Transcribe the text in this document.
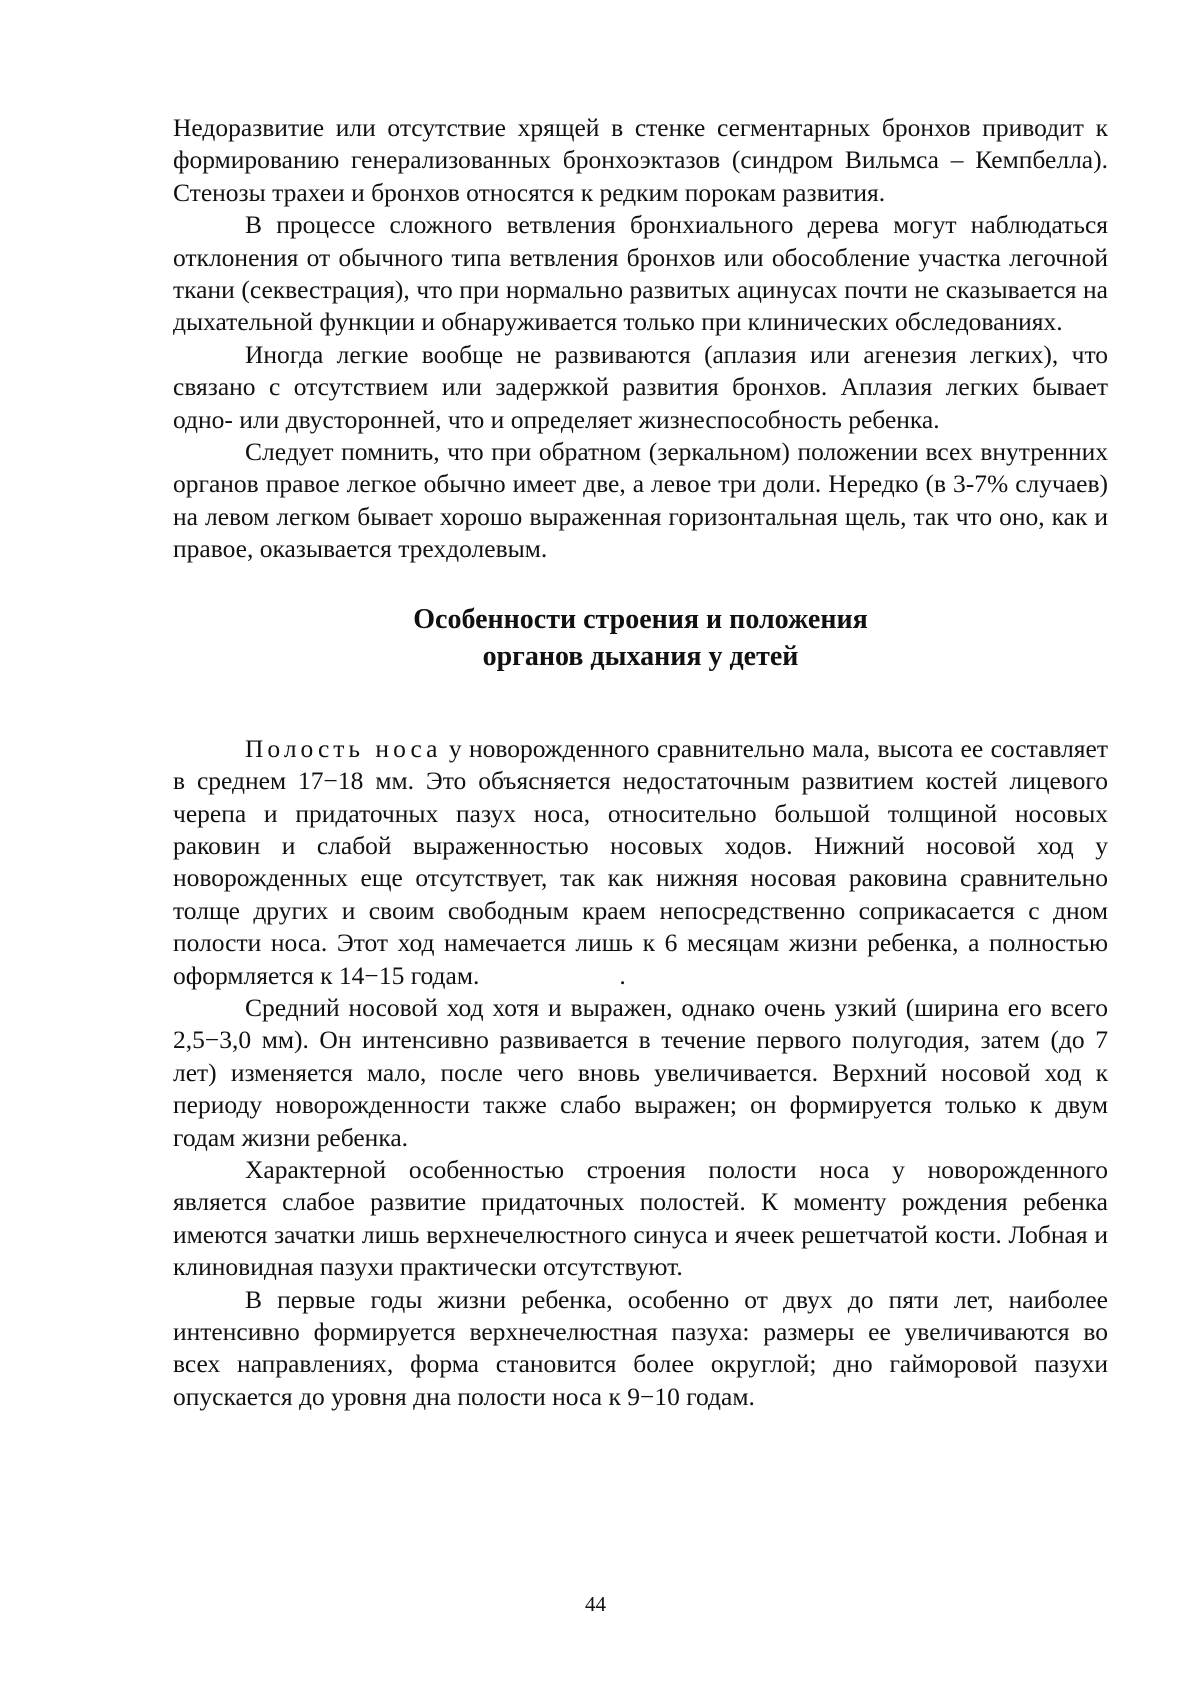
Недоразвитие или отсутствие хрящей в стенке сегментарных бронхов приводит к формированию генерализованных бронхоэктазов (синдром Вильмса – Кемпбелла). Стенозы трахеи и бронхов относятся к редким порокам развития.

В процессе сложного ветвления бронхиального дерева могут наблюдаться отклонения от обычного типа ветвления бронхов или обособление участка легочной ткани (секвестрация), что при нормально развитых ацинусах почти не сказывается на дыхательной функции и обнаруживается только при клинических обследованиях.

Иногда легкие вообще не развиваются (аплазия или агенезия легких), что связано с отсутствием или задержкой развития бронхов. Аплазия легких бывает одно- или двусторонней, что и определяет жизнеспособность ребенка.

Следует помнить, что при обратном (зеркальном) положении всех внутренних органов правое легкое обычно имеет две, а левое три доли. Нередко (в 3-7% случаев) на левом легком бывает хорошо выраженная горизонтальная щель, так что оно, как и правое, оказывается трехдолевым.

Особенности строения и положения
органов дыхания у детей

Полость носа у новорожденного сравнительно мала, высота ее составляет в среднем 17−18 мм. Это объясняется недостаточным развитием костей лицевого черепа и придаточных пазух носа, относительно большой толщиной носовых раковин и слабой выраженностью носовых ходов. Нижний носовой ход у новорожденных еще отсутствует, так как нижняя носовая раковина сравнительно толще других и своим свободным краем непосредственно соприкасается с дном полости носа. Этот ход намечается лишь к 6 месяцам жизни ребенка, а полностью оформляется к 14−15 годам.	.

Средний носовой ход хотя и выражен, однако очень узкий (ширина его всего 2,5−3,0 мм). Он интенсивно развивается в течение первого полугодия, затем (до 7 лет) изменяется мало, после чего вновь увеличивается. Верхний носовой ход к периоду новорожденности также слабо выражен; он формируется только к двум годам жизни ребенка.

Характерной особенностью строения полости носа у новорожденного является слабое развитие придаточных полостей. К моменту рождения ребенка имеются зачатки лишь верхнечелюстного синуса и ячеек решетчатой кости. Лобная и клиновидная пазухи практически отсутствуют.

В первые годы жизни ребенка, особенно от двух до пяти лет, наиболее интенсивно формируется верхнечелюстная пазуха: размеры ее увеличиваются во всех направлениях, форма становится более округлой; дно гайморовой пазухи опускается до уровня дна полости носа к 9−10 годам.

44
